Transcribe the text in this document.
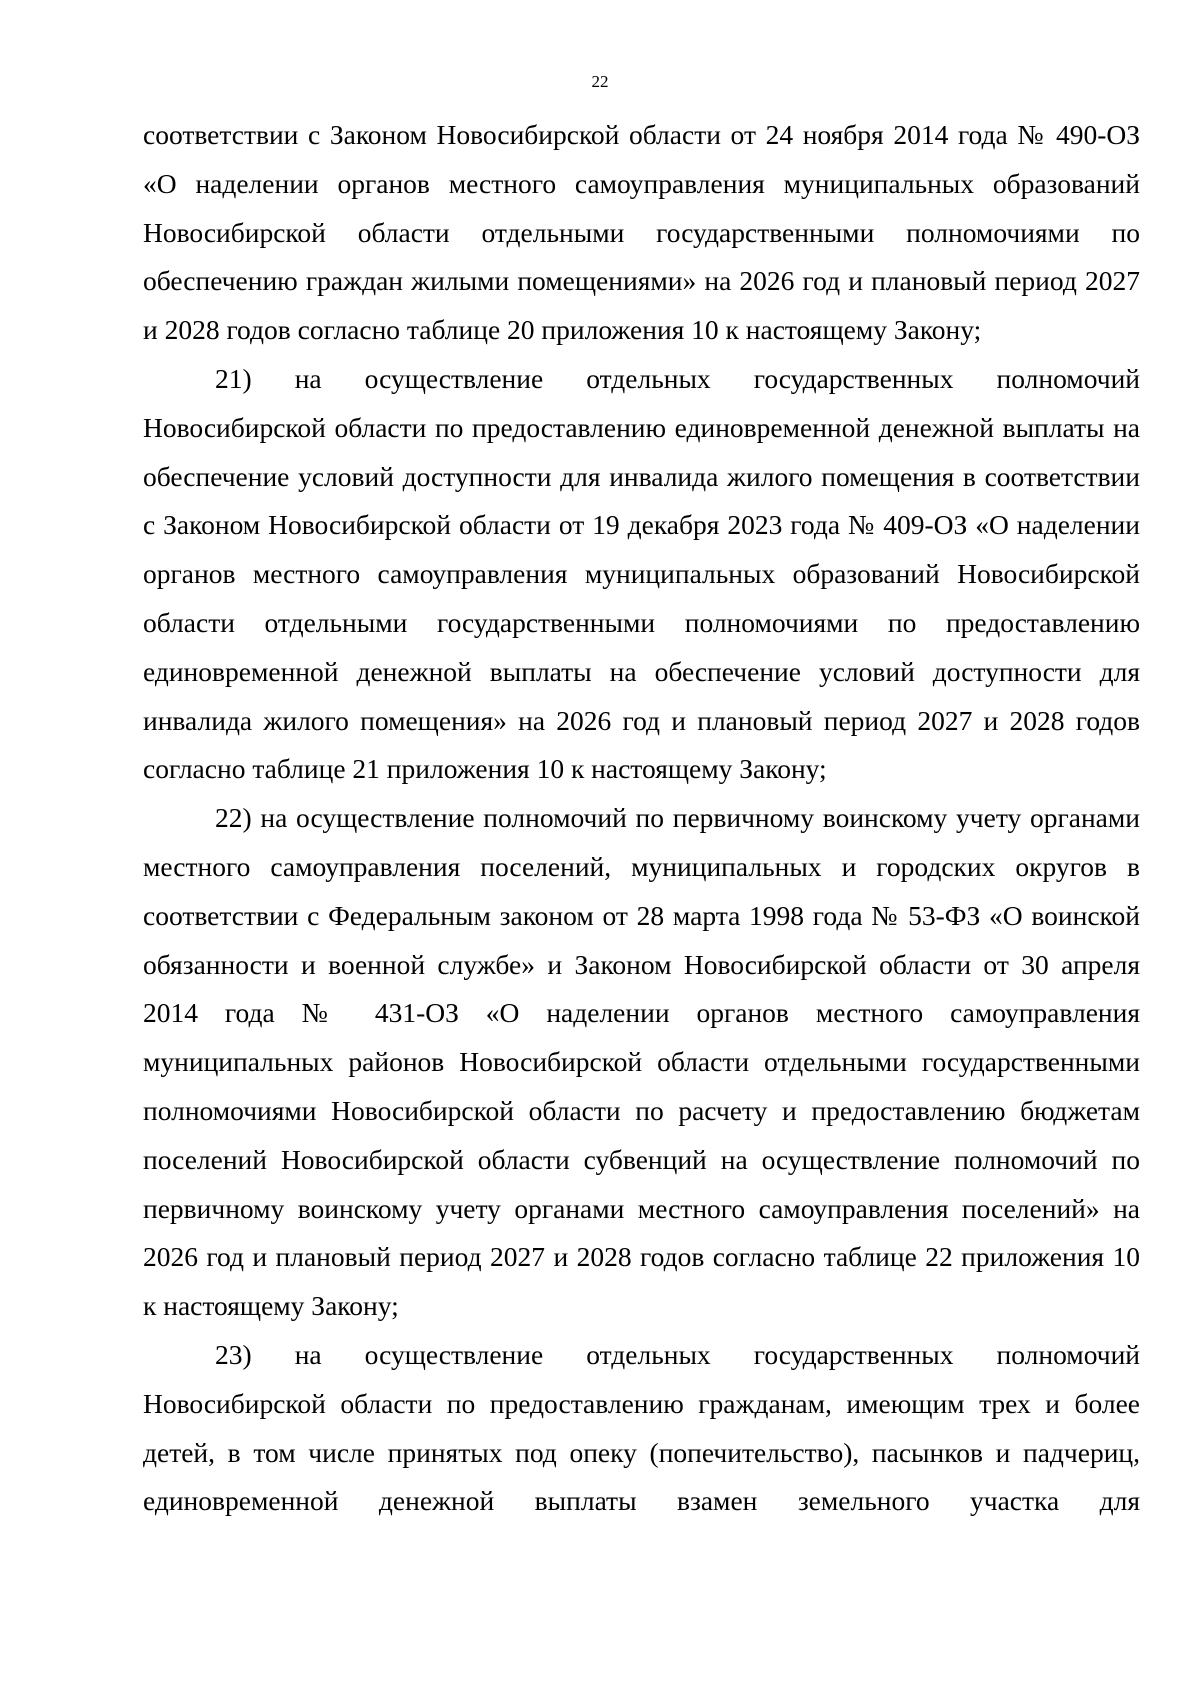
22

соответствии с Законом Новосибирской области от 24 ноября 2014 года № 490-ОЗ «О наделении органов местного самоуправления муниципальных образований Новосибирской области отдельными государственными полномочиями по обеспечению граждан жилыми помещениями» на 2026 год и плановый период 2027 и 2028 годов согласно таблице 20 приложения 10 к настоящему Закону;

21) на осуществление отдельных государственных полномочий Новосибирской области по предоставлению единовременной денежной выплаты на обеспечение условий доступности для инвалида жилого помещения в соответствии с Законом Новосибирской области от 19 декабря 2023 года № 409-ОЗ «О наделении органов местного самоуправления муниципальных образований Новосибирской области отдельными государственными полномочиями по предоставлению единовременной денежной выплаты на обеспечение условий доступности для инвалида жилого помещения» на 2026 год и плановый период 2027 и 2028 годов согласно таблице 21 приложения 10 к настоящему Закону;

22) на осуществление полномочий по первичному воинскому учету органами местного самоуправления поселений, муниципальных и городских округов в соответствии с Федеральным законом от 28 марта 1998 года № 53-ФЗ «О воинской обязанности и военной службе» и Законом Новосибирской области от 30 апреля 2014 года № 431-ОЗ «О наделении органов местного самоуправления муниципальных районов Новосибирской области отдельными государственными полномочиями Новосибирской области по расчету и предоставлению бюджетам поселений Новосибирской области субвенций на осуществление полномочий по первичному воинскому учету органами местного самоуправления поселений» на 2026 год и плановый период 2027 и 2028 годов согласно таблице 22 приложения 10 к настоящему Закону;

23) на осуществление отдельных государственных полномочий Новосибирской области по предоставлению гражданам, имеющим трех и более детей, в том числе принятых под опеку (попечительство), пасынков и падчериц, единовременной денежной выплаты взамен земельного участка для
